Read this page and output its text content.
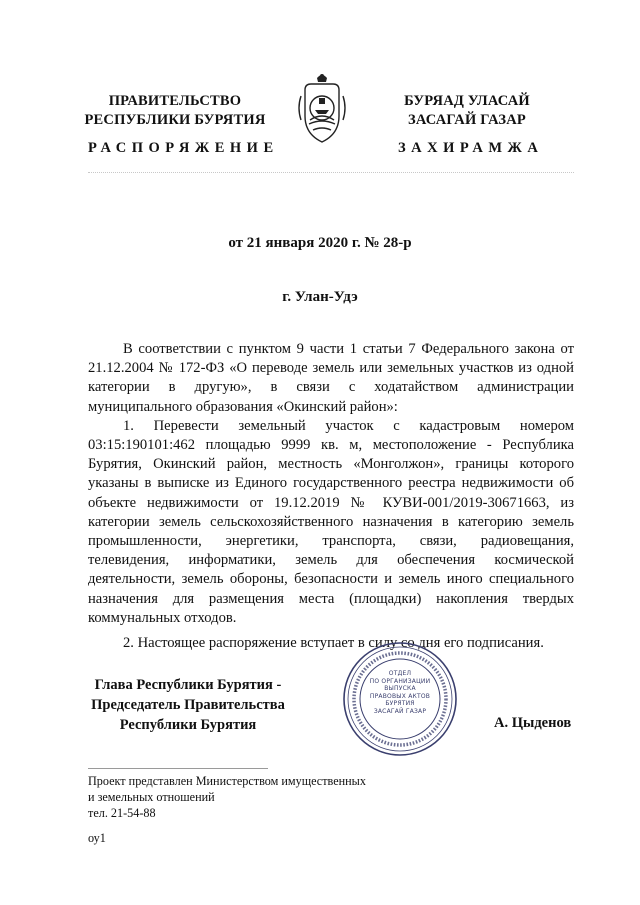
ПРАВИТЕЛЬСТВО
РЕСПУБЛИКИ БУРЯТИЯ
БУРЯАД УЛАСАЙ
ЗАСАГАЙ ГАЗАР
РАСПОРЯЖЕНИЕ	ЗАХИРАМЖА
от 21 января 2020 г. № 28-р
г. Улан-Удэ

В соответствии с пунктом 9 части 1 статьи 7 Федерального закона от 21.12.2004 № 172-ФЗ «О переводе земель или земельных участков из одной категории в другую», в связи с ходатайством администрации муниципального образования «Окинский район»:

1. Перевести земельный участок с кадастровым номером 03:15:190101:462 площадью 9999 кв. м, местоположение - Республика Бурятия, Окинский район, местность «Монголжон», границы которого указаны в выписке из Единого государственного реестра недвижимости об объекте недвижимости от 19.12.2019 № КУВИ-001/2019-30671663, из категории земель сельскохозяйственного назначения в категорию земель промышленности, энергетики, транспорта, связи, радиовещания, телевидения, информатики, земель для обеспечения космической деятельности, земель обороны, безопасности и земель иного специального назначения для размещения места (площадки) накопления твердых коммунальных отходов.

2. Настоящее распоряжение вступает в силу со дня его подписания.

Глава Республики Бурятия -
Председатель Правительства
Республики Бурятия	А. Цыденов
ОТДЕЛ
ПО ОРГАНИЗАЦИИ
ВЫПУСКА
ПРАВОВЫХ АКТОВ
БУРЯТИЯ
ЗАСАГАЙ ГАЗАР
Проект представлен Министерством имущественных
и земельных отношений
тел. 21-54-88
оу1
